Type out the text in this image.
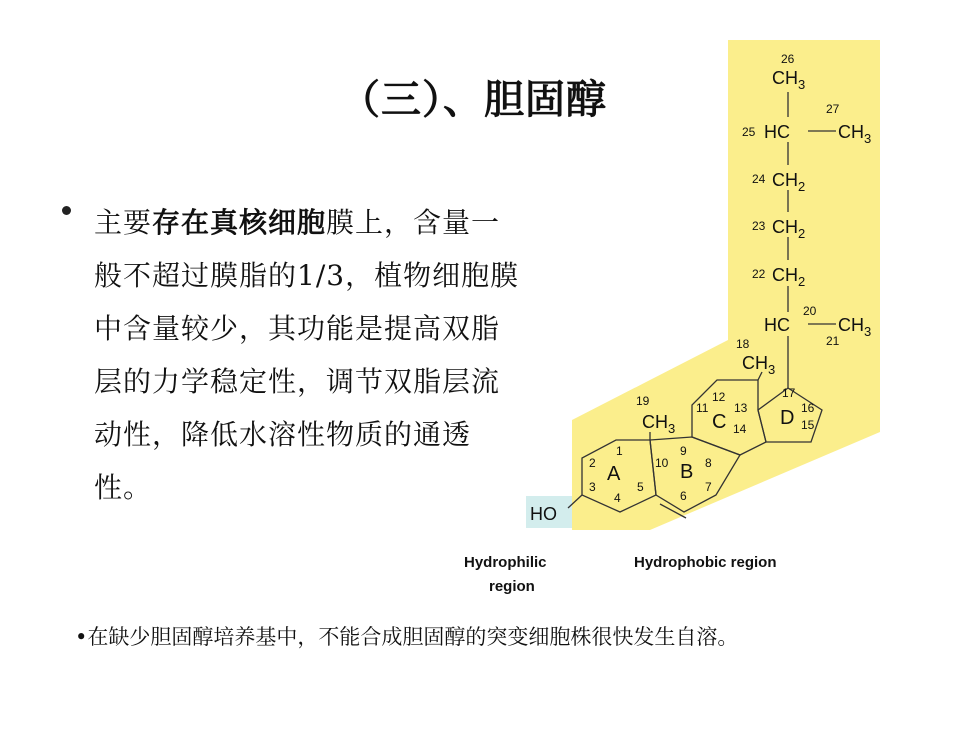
（三）、胆固醇
主要存在真核细胞膜上，含量一般不超过膜脂的1/3，植物细胞膜中含量较少，其功能是提高双脂层的力学稳定性，调节双脂层流动性，降低水溶性物质的通透性。
26
$CH_3$
25 HC
27
$CH_3$
24 $CH_2$
23 $CH_2$
22 $CH_2$
HC
20
$CH_3$
21
18
$CH_3$
19
$CH_3$
A	B
C	D
1
2
3
4
5
6
7
8
9
10
11
12
13
14	15
16
17
HO
Hydrophilic
region
Hydrophobic region
•在缺少胆固醇培养基中，不能合成胆固醇的突变细胞株很快发生自溶。
